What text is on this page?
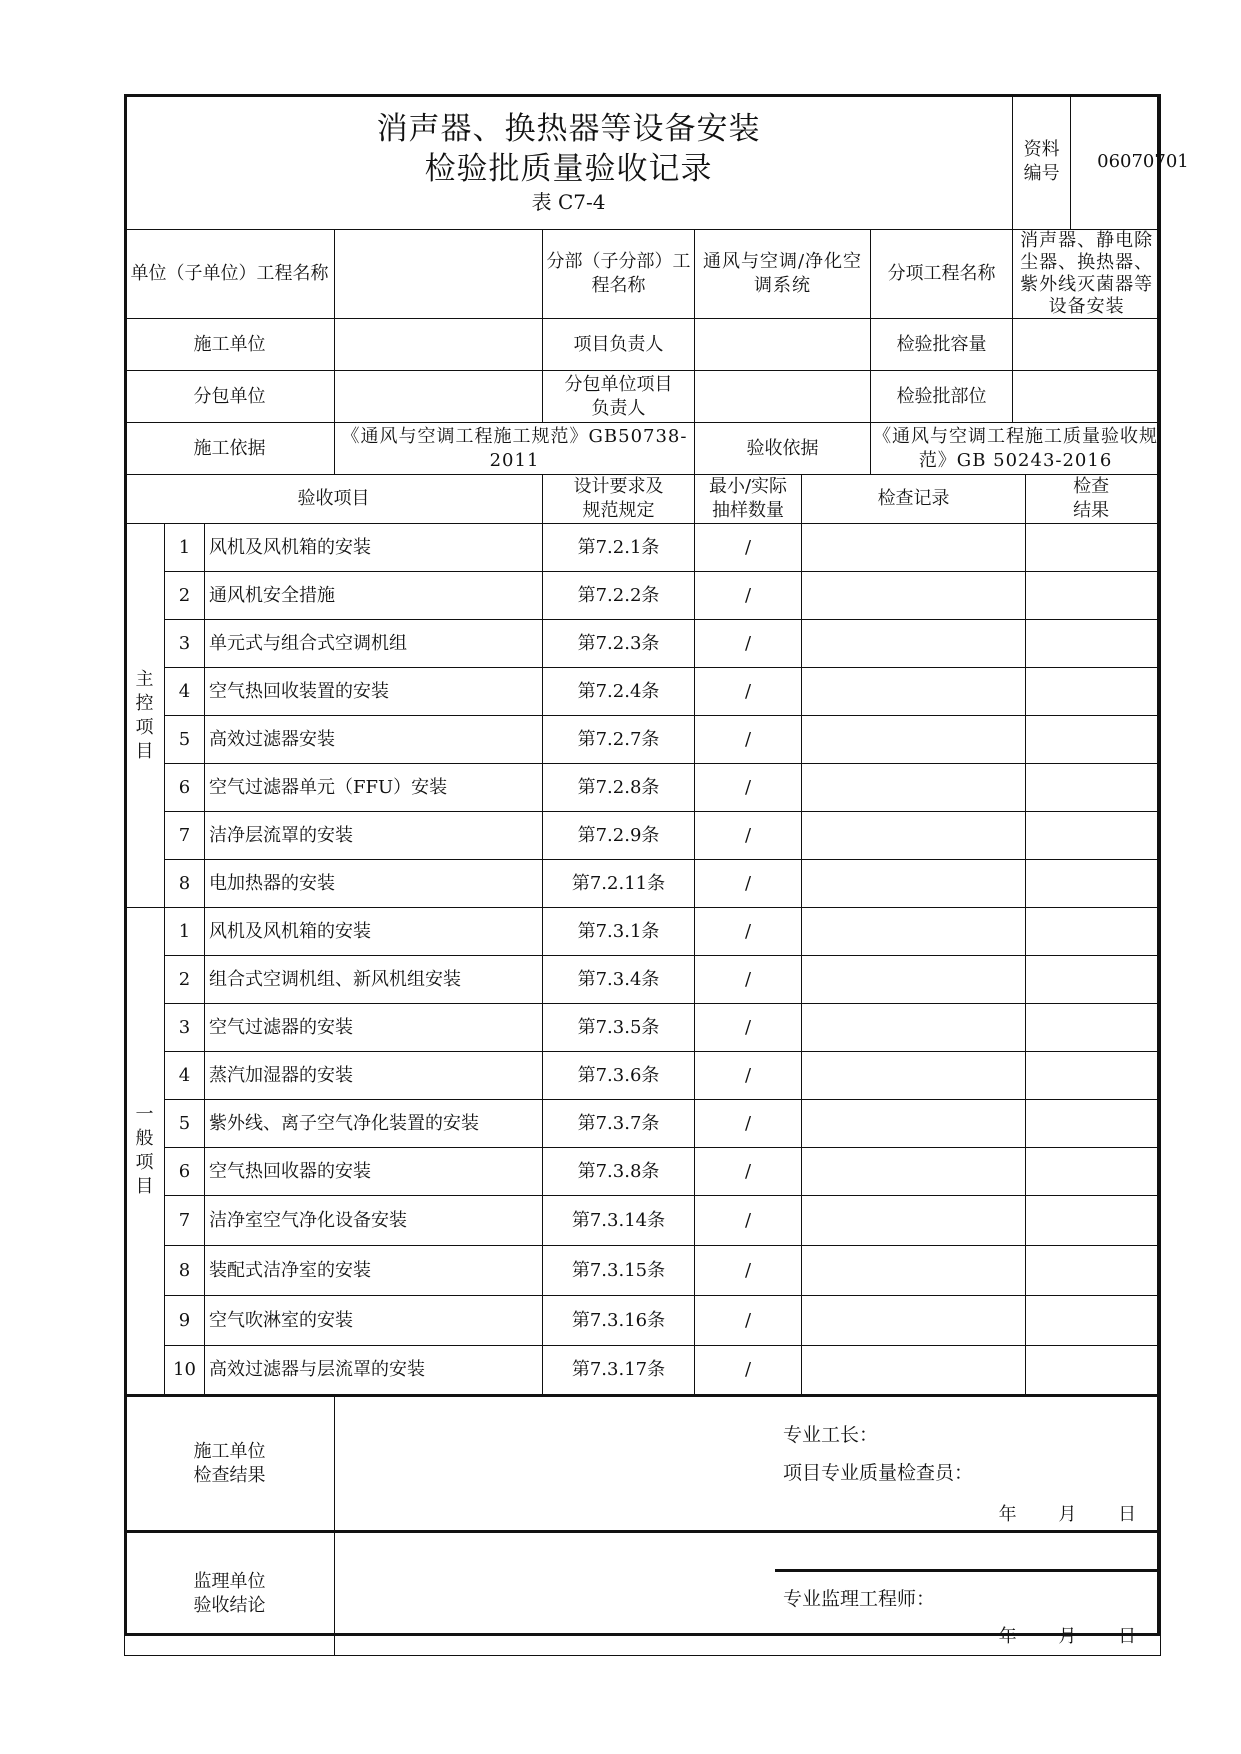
消声器、换热器等设备安装
检验批质量验收记录
表 C7-4								资料编号		06070701
单位（子单位）工程名称				分部（子分部）工程名称	通风与空调/净化空调系统		分项工程名称	消声器、静电除尘器、换热器、紫外线灭菌器等设备安装		
施工单位				项目负责人			检验批容量			
分包单位				分包单位项目负责人			检验批部位			
施工依据			《通风与空调工程施工规范》GB50738-2011		验收依据		《通风与空调工程施工质量验收规范》GB 50243-2016			
验收项目				设计要求及规范规定	最小/实际抽样数量	检查记录			检查结果	

主
控
项
目	1	风机及风机箱的安装		第7.2.1条	/					
	2	通风机安全措施		第7.2.2条	/					
	3	单元式与组合式空调机组		第7.2.3条	/					
	4	空气热回收装置的安装		第7.2.4条	/					
	5	高效过滤器安装		第7.2.7条	/					
	6	空气过滤器单元（FFU）安装		第7.2.8条	/					
	7	洁净层流罩的安装		第7.2.9条	/					
	8	电加热器的安装		第7.2.11条	/					

一
般
项
目	1	风机及风机箱的安装		第7.3.1条	/					
	2	组合式空调机组、新风机组安装		第7.3.4条	/					
	3	空气过滤器的安装		第7.3.5条	/					
	4	蒸汽加湿器的安装		第7.3.6条	/					
	5	紫外线、离子空气净化装置的安装		第7.3.7条	/					
	6	空气热回收器的安装		第7.3.8条	/					
	7	洁净室空气净化设备安装		第7.3.14条	/					
	8	装配式洁净室的安装		第7.3.15条	/					
	9	空气吹淋室的安装		第7.3.16条	/					
	10	高效过滤器与层流罩的安装		第7.3.17条	/					
施工单位检查结果			专业工长：
项目专业质量检查员：
年 月 日							

监理单位验收结论			专业监理工程师：
年 月 日							
